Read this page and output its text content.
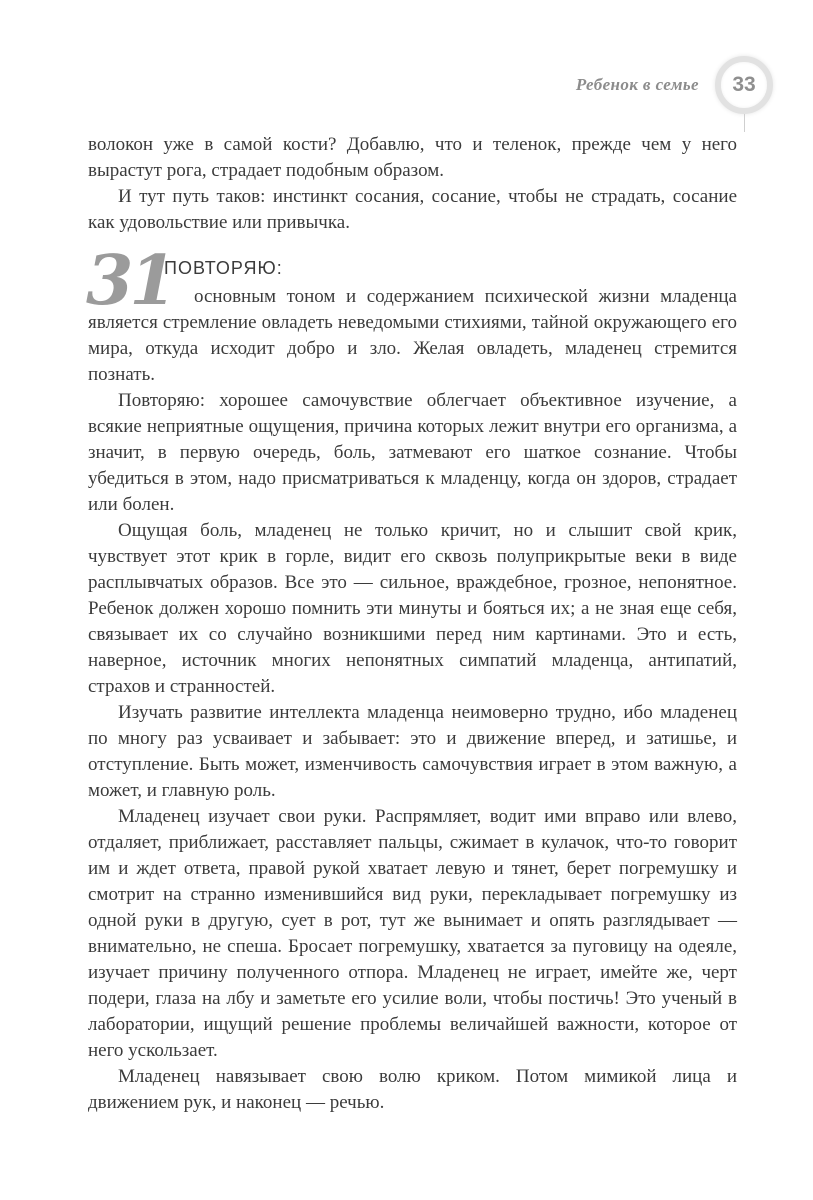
Ребенок в семье 33

волокон уже в самой кости? Добавлю, что и теленок, прежде чем у него вырастут рога, страдает подобным образом.

И тут путь таков: инстинкт сосания, сосание, чтобы не страдать, сосание как удовольствие или привычка.

31
ПОВТОРЯЮ:

основным тоном и содержанием психической жизни младенца является стремление овладеть неведомыми стихиями, тайной окружающего его мира, откуда исходит добро и зло. Желая овладеть, младенец стремится познать.

Повторяю: хорошее самочувствие облегчает объективное изучение, а всякие неприятные ощущения, причина которых лежит внутри его организма, а значит, в первую очередь, боль, затмевают его шаткое сознание. Чтобы убедиться в этом, надо присматриваться к младенцу, когда он здоров, страдает или болен.

Ощущая боль, младенец не только кричит, но и слышит свой крик, чувствует этот крик в горле, видит его сквозь полуприкрытые веки в виде расплывчатых образов. Все это — сильное, враждебное, грозное, непонятное. Ребенок должен хорошо помнить эти минуты и бояться их; а не зная еще себя, связывает их со случайно возникшими перед ним картинами. Это и есть, наверное, источник многих непонятных симпатий младенца, антипатий, страхов и странностей.

Изучать развитие интеллекта младенца неимоверно трудно, ибо младенец по многу раз усваивает и забывает: это и движение вперед, и затишье, и отступление. Быть может, изменчивость самочувствия играет в этом важную, а может, и главную роль.

Младенец изучает свои руки. Распрямляет, водит ими вправо или влево, отдаляет, приближает, расставляет пальцы, сжимает в кулачок, что-то говорит им и ждет ответа, правой рукой хватает левую и тянет, берет погремушку и смотрит на странно изменившийся вид руки, перекладывает погремушку из одной руки в другую, сует в рот, тут же вынимает и опять разглядывает — внимательно, не спеша. Бросает погремушку, хватается за пуговицу на одеяле, изучает причину полученного отпора. Младенец не играет, имейте же, черт подери, глаза на лбу и заметьте его усилие воли, чтобы постичь! Это ученый в лаборатории, ищущий решение проблемы величайшей важности, которое от него ускользает.

Младенец навязывает свою волю криком. Потом мимикой лица и движением рук, и наконец — речью.
